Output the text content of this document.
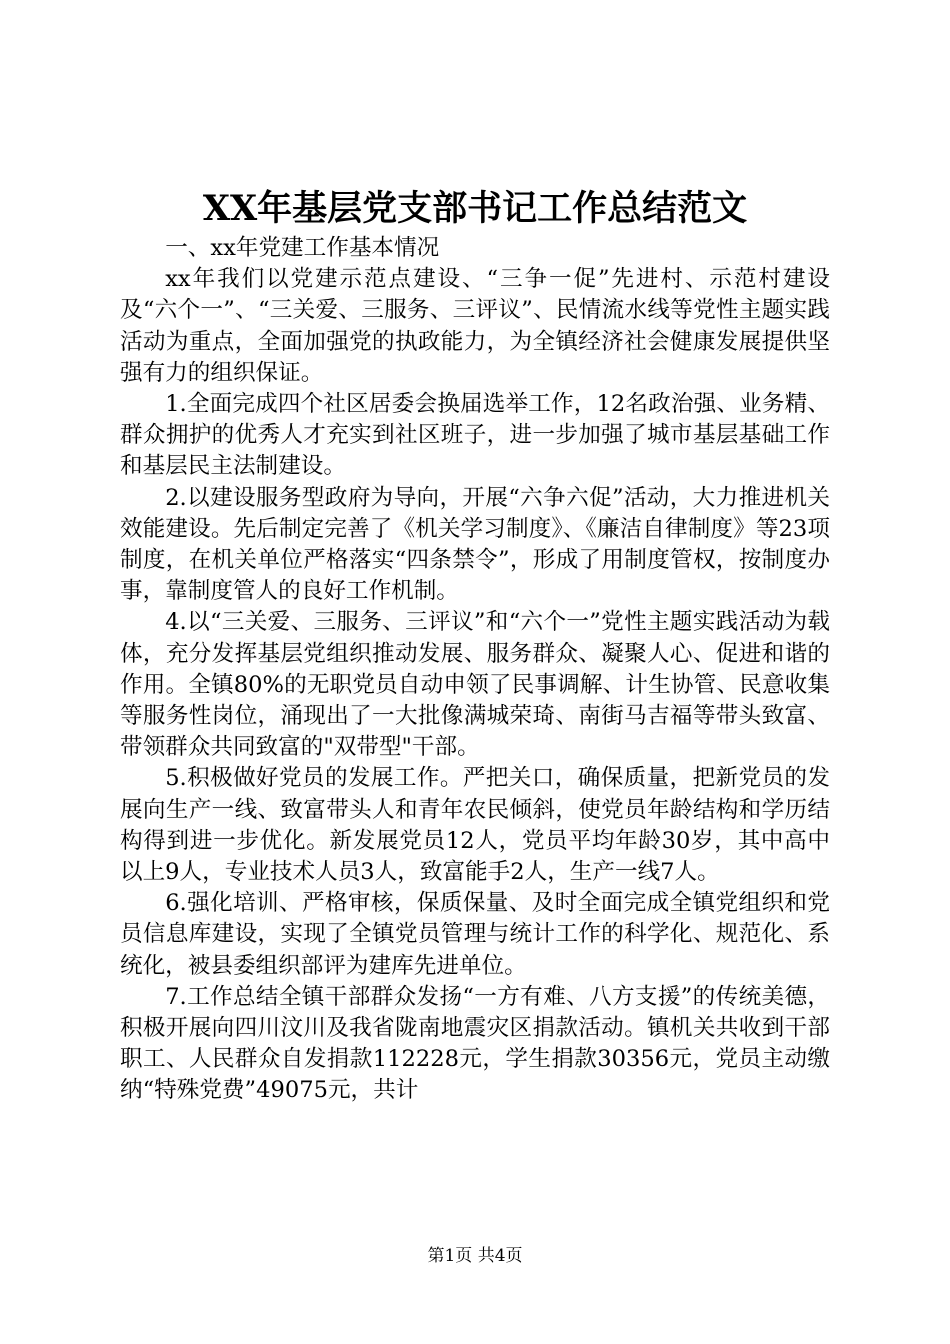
XX年基层党支部书记工作总结范文

一、xx年党建工作基本情况

xx年我们以党建示范点建设、“三争一促”先进村、示范村建设及“六个一”、“三关爱、三服务、三评议”、民情流水线等党性主题实践活动为重点，全面加强党的执政能力，为全镇经济社会健康发展提供坚强有力的组织保证。

1.全面完成四个社区居委会换届选举工作，12名政治强、业务精、群众拥护的优秀人才充实到社区班子，进一步加强了城市基层基础工作和基层民主法制建设。

2.以建设服务型政府为导向，开展“六争六促”活动，大力推进机关效能建设。先后制定完善了《机关学习制度》、《廉洁自律制度》等23项制度，在机关单位严格落实“四条禁令”，形成了用制度管权，按制度办事，靠制度管人的良好工作机制。

4.以“三关爱、三服务、三评议”和“六个一”党性主题实践活动为载体，充分发挥基层党组织推动发展、服务群众、凝聚人心、促进和谐的作用。全镇80%的无职党员自动申领了民事调解、计生协管、民意收集等服务性岗位，涌现出了一大批像满城荣琦、南街马吉福等带头致富、带领群众共同致富的"双带型"干部。

5.积极做好党员的发展工作。严把关口，确保质量，把新党员的发展向生产一线、致富带头人和青年农民倾斜，使党员年龄结构和学历结构得到进一步优化。新发展党员12人，党员平均年龄30岁，其中高中以上9人，专业技术人员3人，致富能手2人，生产一线7人。

6.强化培训、严格审核，保质保量、及时全面完成全镇党组织和党员信息库建设，实现了全镇党员管理与统计工作的科学化、规范化、系统化，被县委组织部评为建库先进单位。

7.工作总结全镇干部群众发扬“一方有难、八方支援”的传统美德，积极开展向四川汶川及我省陇南地震灾区捐款活动。镇机关共收到干部职工、人民群众自发捐款112228元，学生捐款30356元，党员主动缴纳“特殊党费”49075元，共计

第1页 共4页
